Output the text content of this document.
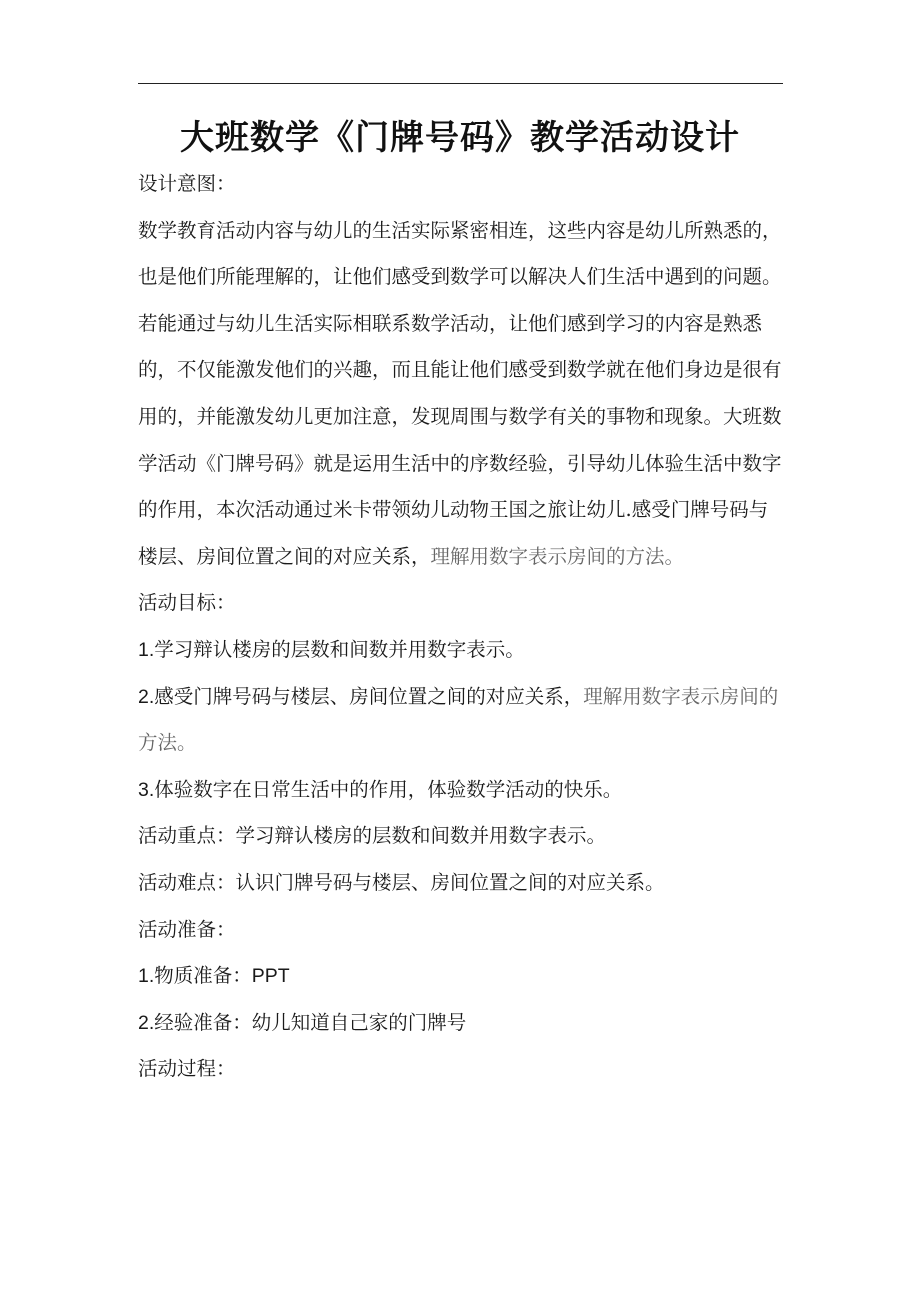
大班数学《门牌号码》教学活动设计

设计意图：

数学教育活动内容与幼儿的生活实际紧密相连，这些内容是幼儿所熟悉的，也是他们所能理解的，让他们感受到数学可以解决人们生活中遇到的问题。若能通过与幼儿生活实际相联系数学活动，让他们感到学习的内容是熟悉的，不仅能激发他们的兴趣，而且能让他们感受到数学就在他们身边是很有用的，并能激发幼儿更加注意，发现周围与数学有关的事物和现象。大班数学活动《门牌号码》就是运用生活中的序数经验，引导幼儿体验生活中数字的作用，本次活动通过米卡带领幼儿动物王国之旅让幼儿.感受门牌号码与楼层、房间位置之间的对应关系，理解用数字表示房间的方法。

活动目标：

1.学习辩认楼房的层数和间数并用数字表示。

2.感受门牌号码与楼层、房间位置之间的对应关系，理解用数字表示房间的方法。

3.体验数字在日常生活中的作用，体验数学活动的快乐。

活动重点：学习辩认楼房的层数和间数并用数字表示。

活动难点：认识门牌号码与楼层、房间位置之间的对应关系。

活动准备：

1.物质准备：PPT

2.经验准备：幼儿知道自己家的门牌号

活动过程：
